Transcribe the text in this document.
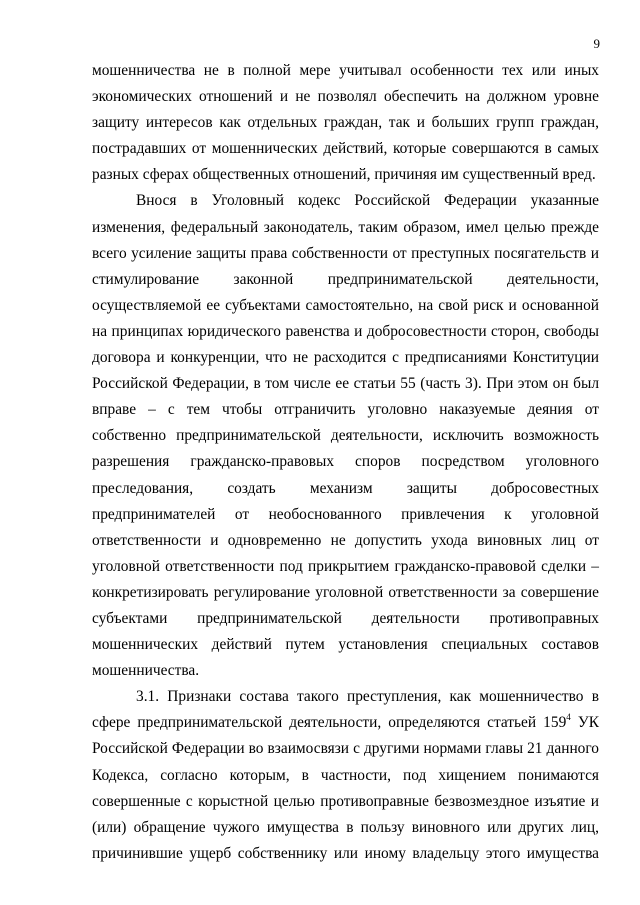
9

мошенничества не в полной мере учитывал особенности тех или иных экономических отношений и не позволял обеспечить на должном уровне защиту интересов как отдельных граждан, так и больших групп граждан, пострадавших от мошеннических действий, которые совершаются в самых разных сферах общественных отношений, причиняя им существенный вред.

Внося в Уголовный кодекс Российской Федерации указанные изменения, федеральный законодатель, таким образом, имел целью прежде всего усиление защиты права собственности от преступных посягательств и стимулирование законной предпринимательской деятельности, осуществляемой ее субъектами самостоятельно, на свой риск и основанной на принципах юридического равенства и добросовестности сторон, свободы договора и конкуренции, что не расходится с предписаниями Конституции Российской Федерации, в том числе ее статьи 55 (часть 3). При этом он был вправе – с тем чтобы отграничить уголовно наказуемые деяния от собственно предпринимательской деятельности, исключить возможность разрешения гражданско-правовых споров посредством уголовного преследования, создать механизм защиты добросовестных предпринимателей от необоснованного привлечения к уголовной ответственности и одновременно не допустить ухода виновных лиц от уголовной ответственности под прикрытием гражданско-правовой сделки – конкретизировать регулирование уголовной ответственности за совершение субъектами предпринимательской деятельности противоправных мошеннических действий путем установления специальных составов мошенничества.

3.1. Признаки состава такого преступления, как мошенничество в сфере предпринимательской деятельности, определяются статьей $159^4$ УК Российской Федерации во взаимосвязи с другими нормами главы 21 данного Кодекса, согласно которым, в частности, под хищением понимаются совершенные с корыстной целью противоправные безвозмездное изъятие и (или) обращение чужого имущества в пользу виновного или других лиц, причинившие ущерб собственнику или иному владельцу этого имущества
